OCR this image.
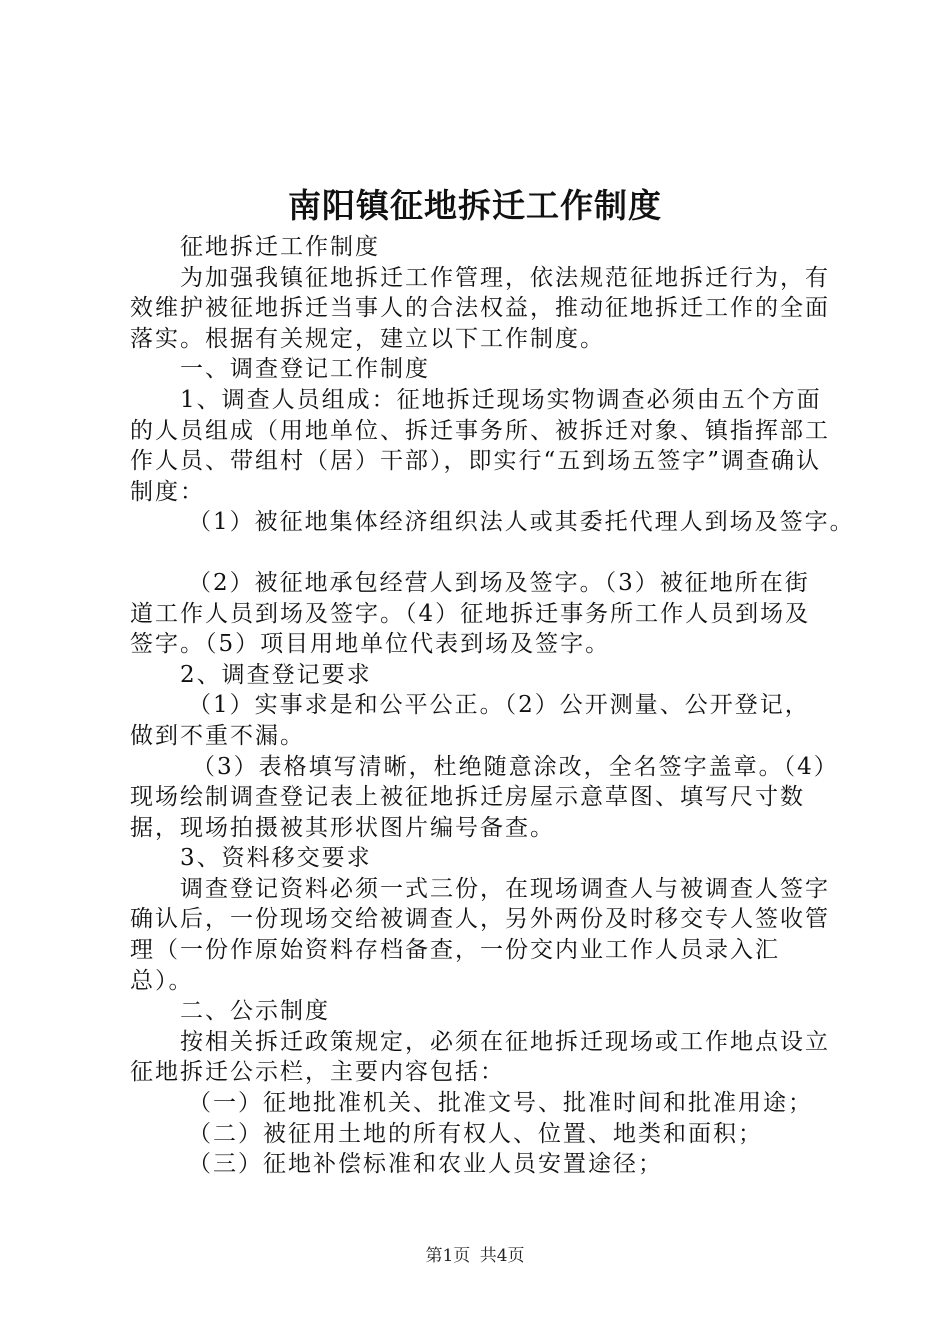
南阳镇征地拆迁工作制度

征地拆迁工作制度

为加强我镇征地拆迁工作管理，依法规范征地拆迁行为，有效维护被征地拆迁当事人的合法权益，推动征地拆迁工作的全面落实。根据有关规定，建立以下工作制度。

一、调查登记工作制度

1、调查人员组成：征地拆迁现场实物调查必须由五个方面的人员组成（用地单位、拆迁事务所、被拆迁对象、镇指挥部工作人员、带组村（居）干部），即实行“五到场五签字”调查确认制度：

（1）被征地集体经济组织法人或其委托代理人到场及签字。

（2）被征地承包经营人到场及签字。（3）被征地所在街道工作人员到场及签字。（4）征地拆迁事务所工作人员到场及签字。（5）项目用地单位代表到场及签字。

2、调查登记要求

（1）实事求是和公平公正。（2）公开测量、公开登记，做到不重不漏。

（3）表格填写清晰，杜绝随意涂改，全名签字盖章。（4）现场绘制调查登记表上被征地拆迁房屋示意草图、填写尺寸数据，现场拍摄被其形状图片编号备查。

3、资料移交要求

调查登记资料必须一式三份，在现场调查人与被调查人签字确认后，一份现场交给被调查人，另外两份及时移交专人签收管理（一份作原始资料存档备查，一份交内业工作人员录入汇总）。

二、公示制度

按相关拆迁政策规定，必须在征地拆迁现场或工作地点设立征地拆迁公示栏，主要内容包括：

（一）征地批准机关、批准文号、批准时间和批准用途；

（二）被征用土地的所有权人、位置、地类和面积；

（三）征地补偿标准和农业人员安置途径；

第1页 共4页
